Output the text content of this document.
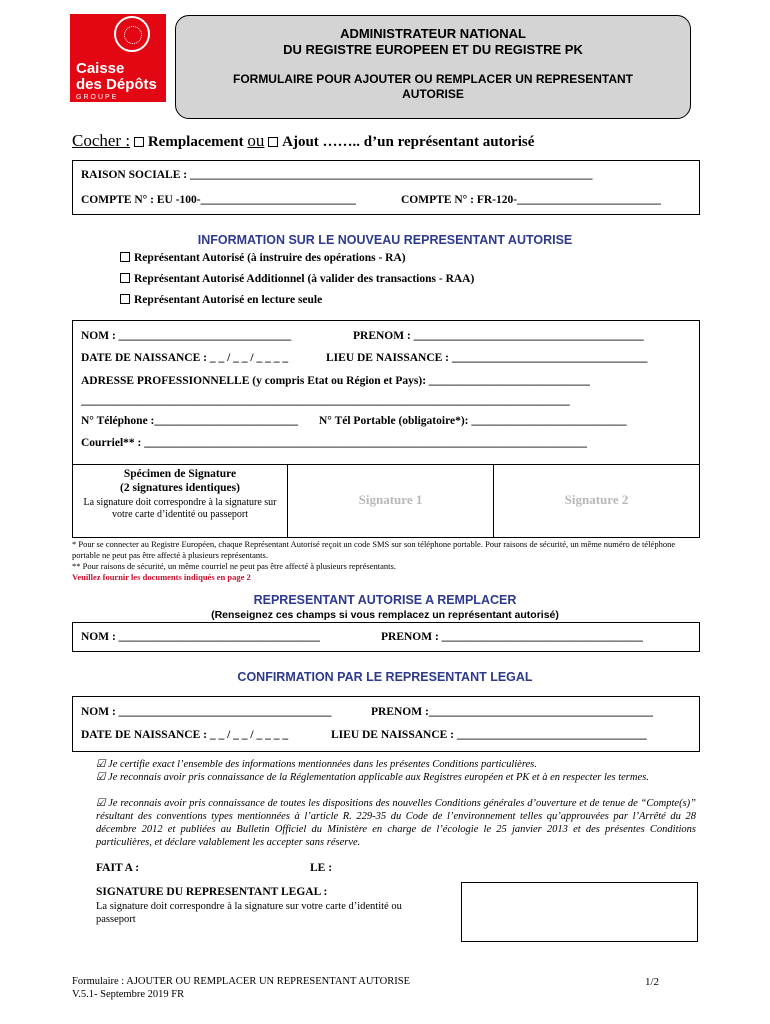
Caisse
des Dépôts
GROUPE
ADMINISTRATEUR NATIONAL
DU REGISTRE EUROPEEN ET DU REGISTRE PK
FORMULAIRE POUR AJOUTER OU REMPLACER UN REPRESENTANT
AUTORISE
Cocher : Remplacement ou Ajout …….. d’un représentant autorisé
RAISON SOCIALE : ______________________________________________________________________
COMPTE N° : EU -100-___________________________	COMPTE N° : FR-120-_________________________
INFORMATION SUR LE NOUVEAU REPRESENTANT AUTORISE
Représentant Autorisé (à instruire des opérations - RA)
Représentant Autorisé Additionnel (à valider des transactions - RAA)
Représentant Autorisé en lecture seule
NOM : ______________________________	PRENOM : ________________________________________
DATE DE NAISSANCE : _ _ / _ _ / _ _ _ _	LIEU DE NAISSANCE : __________________________________
ADRESSE PROFESSIONNELLE (y compris Etat ou Région et Pays): ____________________________
_____________________________________________________________________________________
N° Téléphone :_________________________	N° Tél Portable (obligatoire*): ___________________________
Courriel** : _____________________________________________________________________________
Spécimen de Signature
(2 signatures identiques)
La signature doit correspondre à la signature sur votre carte d’identité ou passeport
Signature 1	Signature 2
* Pour se connecter au Registre Européen, chaque Représentant Autorisé reçoit un code SMS sur son téléphone portable. Pour raisons de sécurité, un même numéro de téléphone portable ne peut pas être affecté à plusieurs représentants.
** Pour raisons de sécurité, un même courriel ne peut pas être affecté à plusieurs représentants.
Veuillez fournir les documents indiqués en page 2
REPRESENTANT AUTORISE A REMPLACER
(Renseignez ces champs si vous remplacez un représentant autorisé)
NOM : ___________________________________	PRENOM : ___________________________________
CONFIRMATION PAR LE REPRESENTANT LEGAL
NOM : _____________________________________	PRENOM :_______________________________________
DATE DE NAISSANCE : _ _ / _ _ / _ _ _ _	LIEU DE NAISSANCE : _________________________________
☑ Je certifie exact l’ensemble des informations mentionnées dans les présentes Conditions particulières.
☑ Je reconnais avoir pris connaissance de la Réglementation applicable aux Registres européen et PK et à en respecter les termes.
☑ Je reconnais avoir pris connaissance de toutes les dispositions des nouvelles Conditions générales d’ouverture et de tenue de “Compte(s)” résultant des conventions types mentionnées à l’article R. 229-35 du Code de l’environnement telles qu’approuvées par l’Arrêté du 28 décembre 2012 et publiées au Bulletin Officiel du Ministère en charge de l’écologie le 25 janvier 2013 et des présentes Conditions particulières, et déclare valablement les accepter sans réserve.
FAIT A :	LE :
SIGNATURE DU REPRESENTANT LEGAL :
La signature doit correspondre à la signature sur votre carte d’identité ou passeport
Formulaire : AJOUTER OU REMPLACER UN REPRESENTANT AUTORISE
V.5.1- Septembre 2019 FR
1/2
